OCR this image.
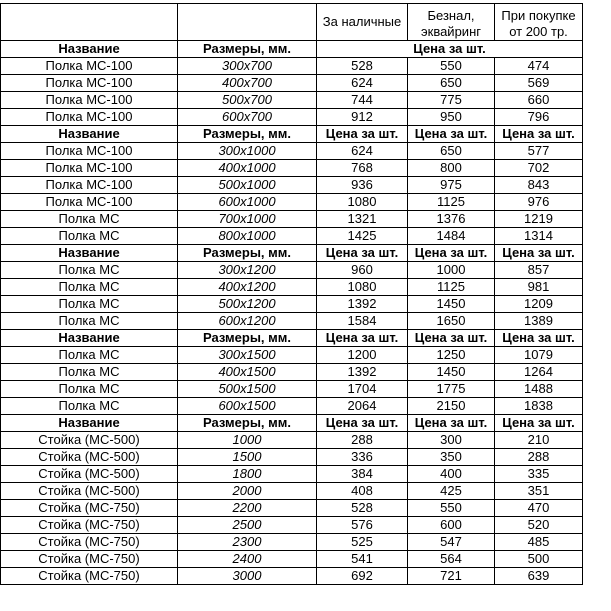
		За наличные	Безнал, эквайринг	При покупке от 200 тр.
Название	Размеры, мм.	Цена за шт.		
Полка МС-100	300х700	528	550	474
Полка МС-100	400х700	624	650	569
Полка МС-100	500х700	744	775	660
Полка МС-100	600х700	912	950	796
Название	Размеры, мм.	Цена за шт.	Цена за шт.	Цена за шт.
Полка МС-100	300х1000	624	650	577
Полка МС-100	400х1000	768	800	702
Полка МС-100	500х1000	936	975	843
Полка МС-100	600х1000	1080	1125	976
Полка МС	700х1000	1321	1376	1219
Полка МС	800х1000	1425	1484	1314
Название	Размеры, мм.	Цена за шт.	Цена за шт.	Цена за шт.
Полка МС	300х1200	960	1000	857
Полка МС	400х1200	1080	1125	981
Полка МС	500х1200	1392	1450	1209
Полка МС	600х1200	1584	1650	1389
Название	Размеры, мм.	Цена за шт.	Цена за шт.	Цена за шт.
Полка МС	300х1500	1200	1250	1079
Полка МС	400х1500	1392	1450	1264
Полка МС	500х1500	1704	1775	1488
Полка МС	600х1500	2064	2150	1838
Название	Размеры, мм.	Цена за шт.	Цена за шт.	Цена за шт.
Стойка (МС-500)	1000	288	300	210
Стойка (МС-500)	1500	336	350	288
Стойка (МС-500)	1800	384	400	335
Стойка (МС-500)	2000	408	425	351
Стойка (МС-750)	2200	528	550	470
Стойка (МС-750)	2500	576	600	520
Стойка (МС-750)	2300	525	547	485
Стойка (МС-750)	2400	541	564	500
Стойка (МС-750)	3000	692	721	639
